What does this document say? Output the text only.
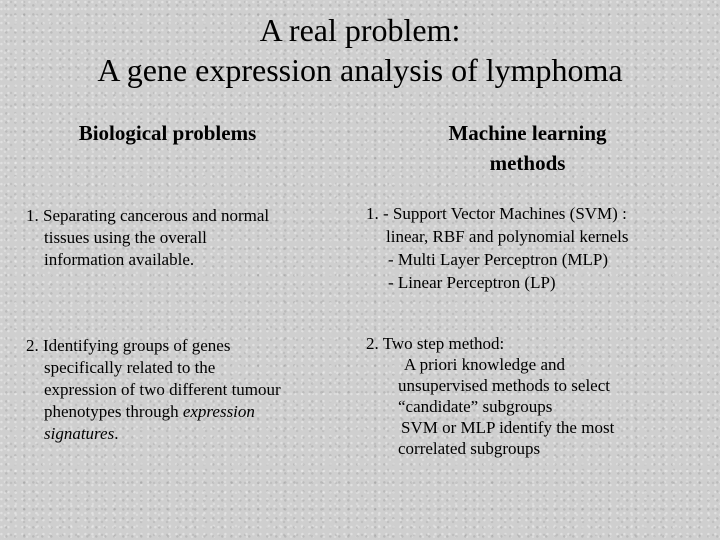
A real problem:
A gene expression analysis of lymphoma
Biological problems	Machine learning
methods
1. Separating cancerous and normal
tissues using the overall
information available.
2. Identifying groups of genes
specifically related to the
expression of two different tumour
phenotypes through expression
signatures.
1. - Support Vector Machines (SVM) :
linear, RBF and polynomial kernels
- Multi Layer Perceptron (MLP)
- Linear Perceptron (LP)
2. Two step method:
A priori knowledge and
unsupervised methods to select
“candidate” subgroups
SVM or MLP identify the most
correlated subgroups
